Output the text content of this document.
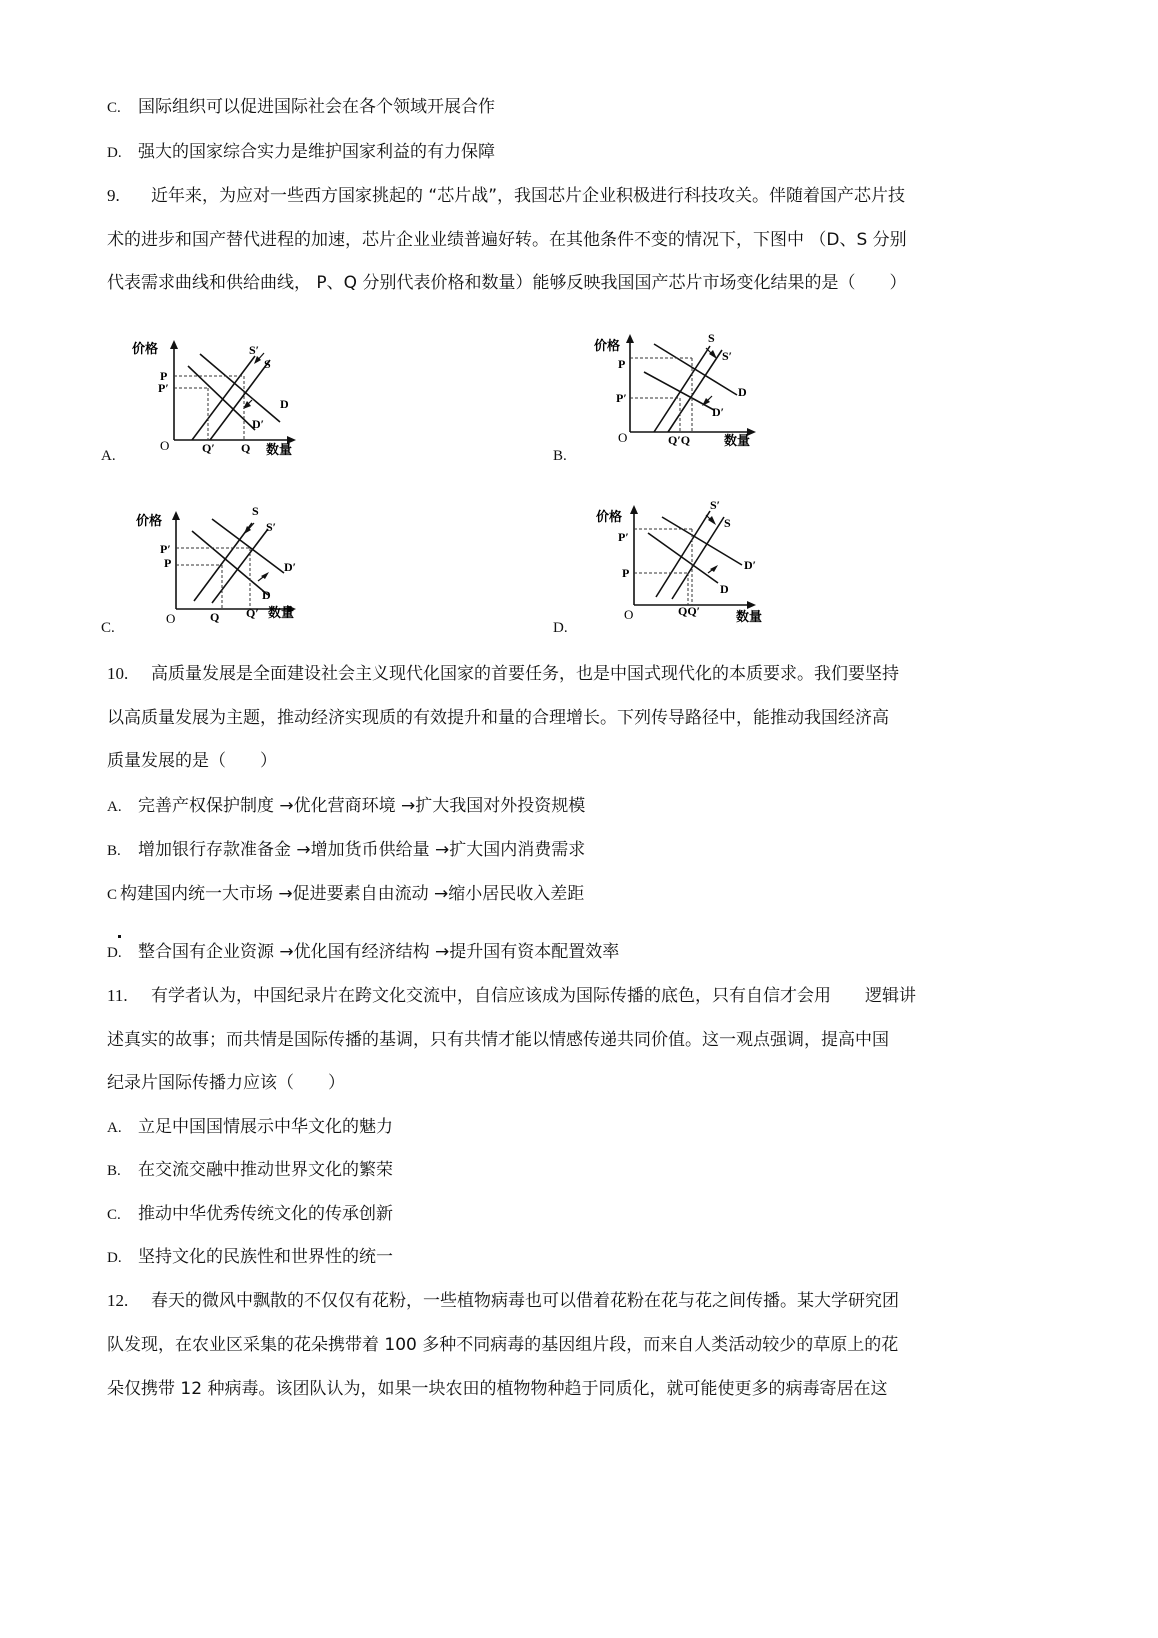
C. 国际组织可以促进国际社会在各个领域开展合作
D. 强大的国家综合实力是维护国家利益的有力保障
9. 近年来，为应对一些西方国家挑起的 “芯片战”，我国芯片企业积极进行科技攻关。伴随着国产芯片技
术的进步和国产替代进程的加速，芯片企业业绩普遍好转。在其他条件不变的情况下，下图中 （D、S 分别
代表需求曲线和供给曲线， P、Q 分别代表价格和数量）能够反映我国国产芯片市场变化结果的是（　　）
A.
价格
数量
O
P
P′
Q′ Q
S′
S
D
D′
B.
价格
数量
O
P
P′
Q′Q
S
S′
D
D′
C.
价格
数量
O
P′
P
Q Q′
S
S′
D′
D
D.
价格
数量
O
P′
P
QQ′
S′
S
D′
D
10. 高质量发展是全面建设社会主义现代化国家的首要任务，也是中国式现代化的本质要求。我们要坚持
以高质量发展为主题，推动经济实现质的有效提升和量的合理增长。下列传导路径中，能推动我国经济高
质量发展的是（　　）
A. 完善产权保护制度 →优化营商环境 →扩大我国对外投资规模
B. 增加银行存款准备金 →增加货币供给量 →扩大国内消费需求
C 构建国内统一大市场 →促进要素自由流动 →缩小居民收入差距
D. 整合国有企业资源 →优化国有经济结构 →提升国有资本配置效率
11. 有学者认为，中国纪录片在跨文化交流中，自信应该成为国际传播的底色，只有自信才会用　　逻辑讲
述真实的故事；而共情是国际传播的基调，只有共情才能以情感传递共同价值。这一观点强调，提高中国
纪录片国际传播力应该（　　）
A. 立足中国国情展示中华文化的魅力
B. 在交流交融中推动世界文化的繁荣
C. 推动中华优秀传统文化的传承创新
D. 坚持文化的民族性和世界性的统一
12. 春天的微风中飘散的不仅仅有花粉，一些植物病毒也可以借着花粉在花与花之间传播。某大学研究团
队发现，在农业区采集的花朵携带着 100 多种不同病毒的基因组片段，而来自人类活动较少的草原上的花
朵仅携带 12 种病毒。该团队认为，如果一块农田的植物物种趋于同质化，就可能使更多的病毒寄居在这
